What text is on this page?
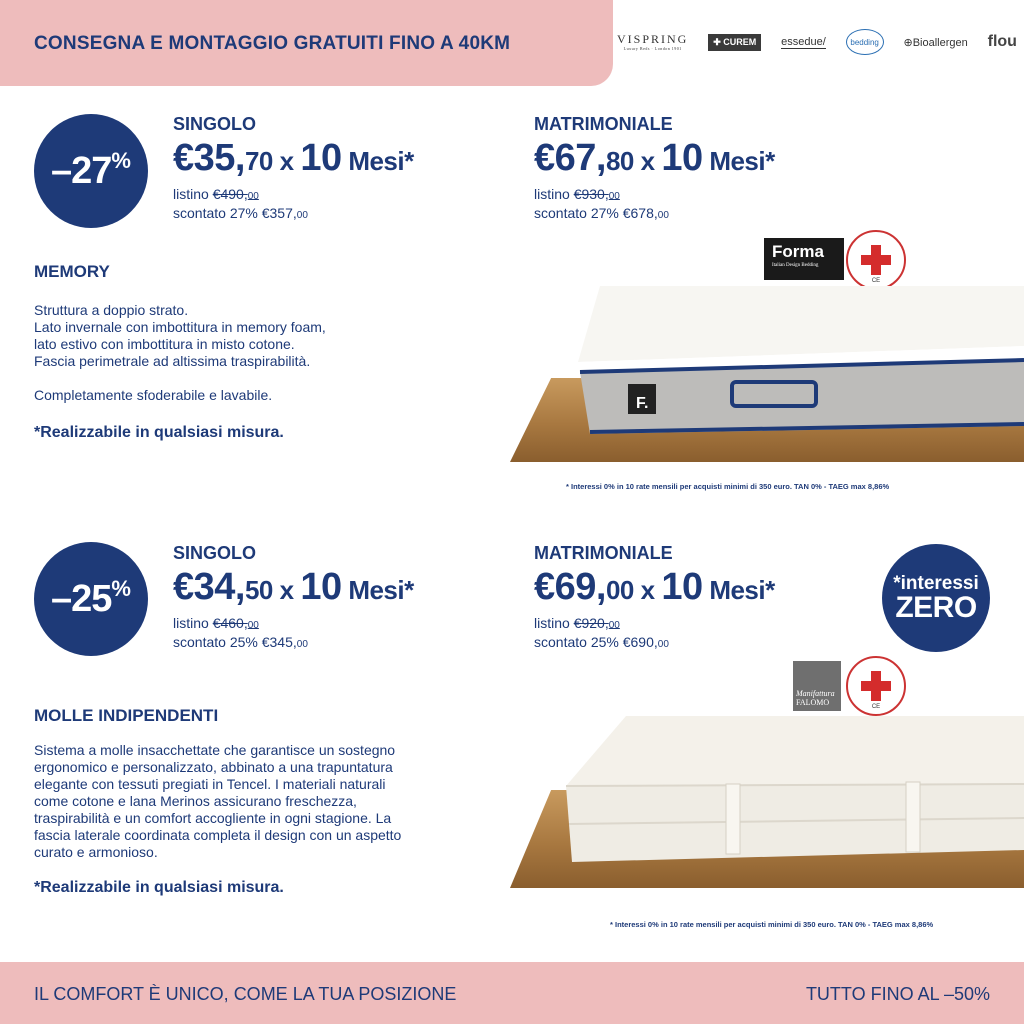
CONSEGNA E MONTAGGIO GRATUITI FINO A 40KM	VISPRING
Luxury Beds · London 1901
✚ CUREM	essedue/	bedding	⊕Bioallergen flou
–27 %
SINGOLO
€35,70 x 10 Mesi*
listino €490,00
scontato 27% €357,00
MATRIMONIALE
€67,80 x 10 Mesi*
listino €930,00
scontato 27% €678,00
MEMORY
Struttura a doppio strato.
Lato invernale con imbottitura in memory foam,
lato estivo con imbottitura in misto cotone.
Fascia perimetrale ad altissima traspirabilità.
Completamente sfoderabile e lavabile.
*Realizzabile in qualsiasi misura.
Forma
Italian Design Bedding
CE
F.
* Interessi 0% in 10 rate mensili per acquisti minimi di 350 euro. TAN 0% - TAEG max 8,86%
–25 %
SINGOLO
€34,50 x 10 Mesi*
listino €460,00
scontato 25% €345,00
MATRIMONIALE
€69,00 x 10 Mesi*
listino €920,00
scontato 25% €690,00
*interessi
ZERO
MOLLE INDIPENDENTI
Sistema a molle insacchettate che garantisce un sostegno
ergonomico e personalizzato, abbinato a una trapuntatura
elegante con tessuti pregiati in Tencel. I materiali naturali
come cotone e lana Merinos assicurano freschezza,
traspirabilità e un comfort accogliente in ogni stagione. La
fascia laterale coordinata completa il design con un aspetto
curato e armonioso.
*Realizzabile in qualsiasi misura.
Manifattura
FALOMO	CE
* Interessi 0% in 10 rate mensili per acquisti minimi di 350 euro. TAN 0% - TAEG max 8,86%
IL COMFORT È UNICO, COME LA TUA POSIZIONE	TUTTO FINO AL –50%
